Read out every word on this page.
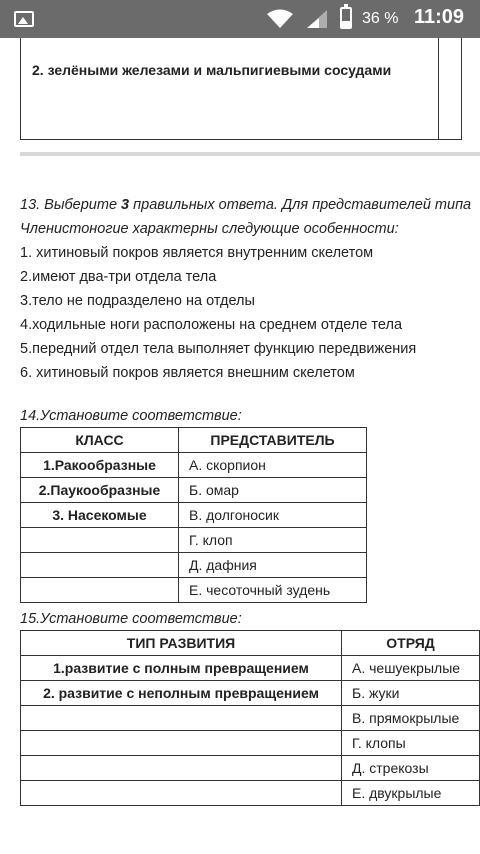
36 % 11:09
2. зелёными железами и мальпигиевыми сосудами
13. Выберите 3 правильных ответа. Для представителей типа
Членистоногие характерны следующие особенности:
1. хитиновый покров является внутренним скелетом
2.имеют два-три отдела тела
3.тело не подразделено на отделы
4.ходильные ноги расположены на среднем отделе тела
5.передний отдел тела выполняет функцию передвижения
6. хитиновый покров является внешним скелетом
14.Установите соответствие:
КЛАСС	ПРЕДСТАВИТЕЛЬ
1.Ракообразные	А. скорпион
2.Паукообразные	Б. омар
3. Насекомые	В. долгоносик
	Г. клоп
	Д. дафния
	Е. чесоточный зудень
15.Установите соответствие:
ТИП РАЗВИТИЯ	ОТРЯД
1.развитие с полным превращением	А. чешуекрылые
2. развитие с неполным превращением	Б. жуки
	В. прямокрылые
	Г. клопы
	Д. стрекозы
	Е. двукрылые
